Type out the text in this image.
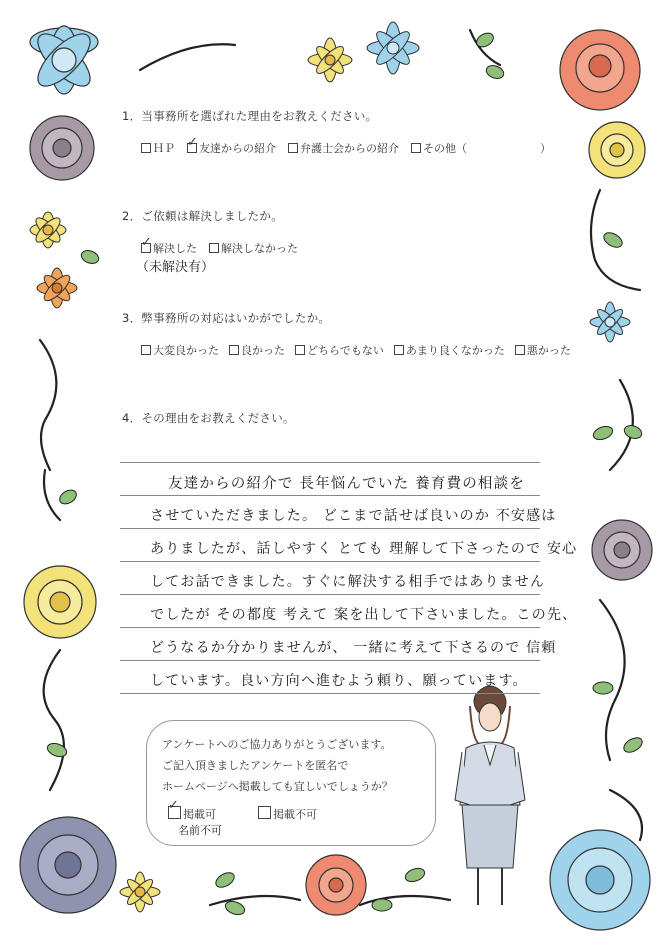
1．当事務所を選ばれた理由をお教えください。
ＨＰ
✓	友達からの紹介	弁護士会からの紹介	その他（	）
2．ご依頼は解決しましたか。
✓解決した	解決しなかった
（未解決有）
3．弊事務所の対応はいかがでしたか。
大変良かった	良かった	どちらでもない	あまり良くなかった	悪かった
4．その理由をお教えください。
友達からの紹介で 長年悩んでいた 養育費の相談を
させていただきました。 どこまで話せば良いのか 不安感は
ありましたが、話しやすく とても 理解して下さったので 安心
してお話できました。すぐに解決する相手ではありません
でしたが その都度 考えて 案を出して下さいました。この先、
どうなるか分かりませんが、 一緒に考えて下さるので 信頼
しています。良い方向へ進むよう頼り、願っています。
アンケートへのご協力ありがとうございます。
ご記入頂きましたアンケートを匿名で
ホームページへ掲載しても宜しいでしょうか？
✓掲載可	掲載不可
名前不可
